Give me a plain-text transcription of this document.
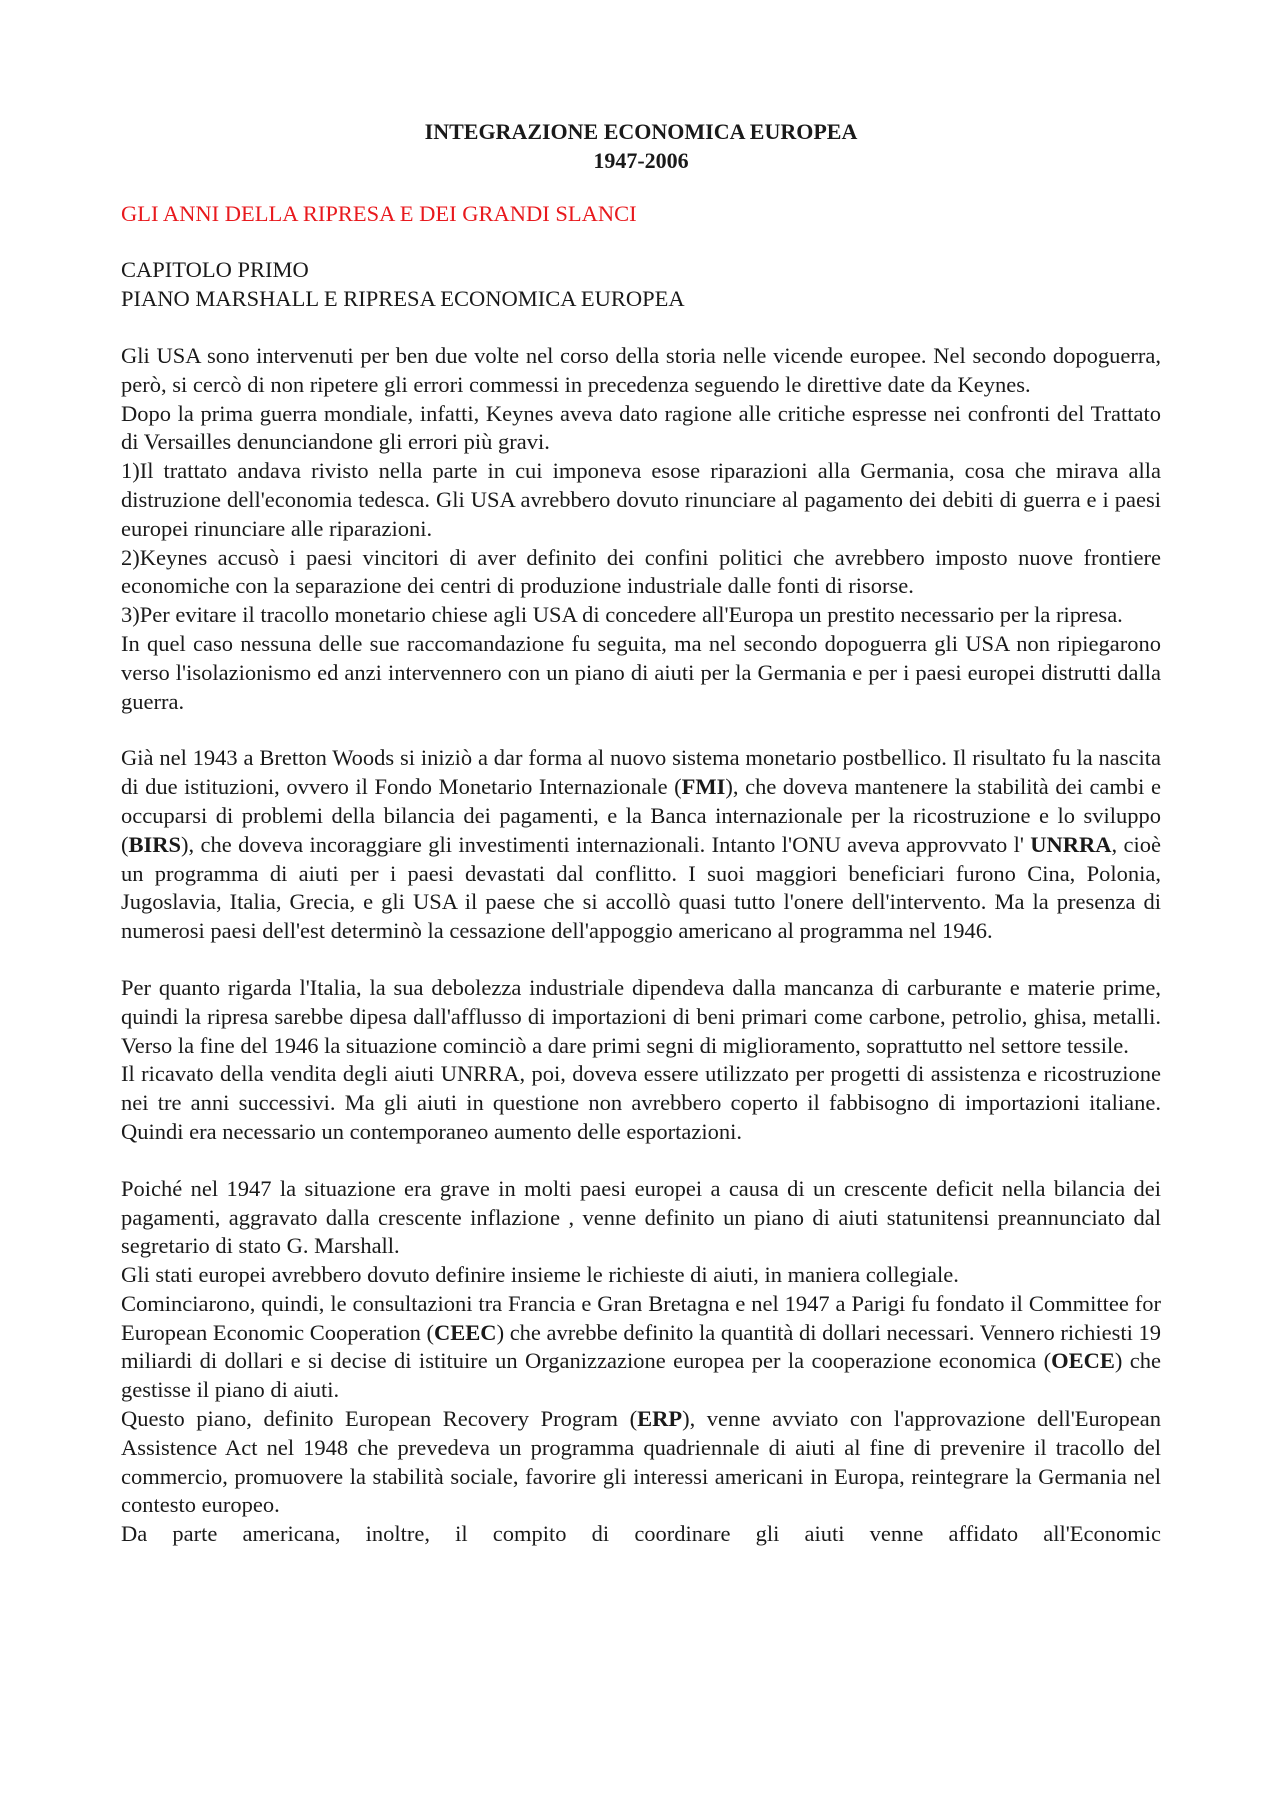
INTEGRAZIONE ECONOMICA EUROPEA
1947-2006
GLI ANNI DELLA RIPRESA E DEI GRANDI SLANCI
CAPITOLO PRIMO
PIANO MARSHALL E RIPRESA ECONOMICA EUROPEA

Gli USA sono intervenuti per ben due volte nel corso della storia nelle vicende europee. Nel secondo dopoguerra, però, si cercò di non ripetere gli errori commessi in precedenza seguendo le direttive date da Keynes.

Dopo la prima guerra mondiale, infatti, Keynes aveva dato ragione alle critiche espresse nei confronti del Trattato di Versailles denunciandone gli errori più gravi.

1)Il trattato andava rivisto nella parte in cui imponeva esose riparazioni alla Germania, cosa che mirava alla distruzione dell'economia tedesca. Gli USA avrebbero dovuto rinunciare al pagamento dei debiti di guerra e i paesi europei rinunciare alle riparazioni.

2)Keynes accusò i paesi vincitori di aver definito dei confini politici che avrebbero imposto nuove frontiere economiche con la separazione dei centri di produzione industriale dalle fonti di risorse.

3)Per evitare il tracollo monetario chiese agli USA di concedere all'Europa un prestito necessario per la ripresa.

In quel caso nessuna delle sue raccomandazione fu seguita, ma nel secondo dopoguerra gli USA non ripiegarono verso l'isolazionismo ed anzi intervennero con un piano di aiuti per la Germania e per i paesi europei distrutti dalla guerra.

Già nel 1943 a Bretton Woods si iniziò a dar forma al nuovo sistema monetario postbellico. Il risultato fu la nascita di due istituzioni, ovvero il Fondo Monetario Internazionale (FMI), che doveva mantenere la stabilità dei cambi e occuparsi di problemi della bilancia dei pagamenti, e la Banca internazionale per la ricostruzione e lo sviluppo (BIRS), che doveva incoraggiare gli investimenti internazionali. Intanto l'ONU aveva approvvato l' UNRRA, cioè un programma di aiuti per i paesi devastati dal conflitto. I suoi maggiori beneficiari furono Cina, Polonia, Jugoslavia, Italia, Grecia, e gli USA il paese che si accollò quasi tutto l'onere dell'intervento. Ma la presenza di numerosi paesi dell'est determinò la cessazione dell'appoggio americano al programma nel 1946.

Per quanto rigarda l'Italia, la sua debolezza industriale dipendeva dalla mancanza di carburante e materie prime, quindi la ripresa sarebbe dipesa dall'afflusso di importazioni di beni primari come carbone, petrolio, ghisa, metalli. Verso la fine del 1946 la situazione cominciò a dare primi segni di miglioramento, soprattutto nel settore tessile.

Il ricavato della vendita degli aiuti UNRRA, poi, doveva essere utilizzato per progetti di assistenza e ricostruzione nei tre anni successivi. Ma gli aiuti in questione non avrebbero coperto il fabbisogno di importazioni italiane. Quindi era necessario un contemporaneo aumento delle esportazioni.

Poiché nel 1947 la situazione era grave in molti paesi europei a causa di un crescente deficit nella bilancia dei pagamenti, aggravato dalla crescente inflazione , venne definito un piano di aiuti statunitensi preannunciato dal segretario di stato G. Marshall.

Gli stati europei avrebbero dovuto definire insieme le richieste di aiuti, in maniera collegiale.

Cominciarono, quindi, le consultazioni tra Francia e Gran Bretagna e nel 1947 a Parigi fu fondato il Committee for European Economic Cooperation (CEEC) che avrebbe definito la quantità di dollari necessari. Vennero richiesti 19 miliardi di dollari e si decise di istituire un Organizzazione europea per la cooperazione economica (OECE) che gestisse il piano di aiuti.

Questo piano, definito European Recovery Program (ERP), venne avviato con l'approvazione dell'European Assistence Act nel 1948 che prevedeva un programma quadriennale di aiuti al fine di prevenire il tracollo del commercio, promuovere la stabilità sociale, favorire gli interessi americani in Europa, reintegrare la Germania nel contesto europeo.

Da parte americana, inoltre, il compito di coordinare gli aiuti venne affidato all'Economic
